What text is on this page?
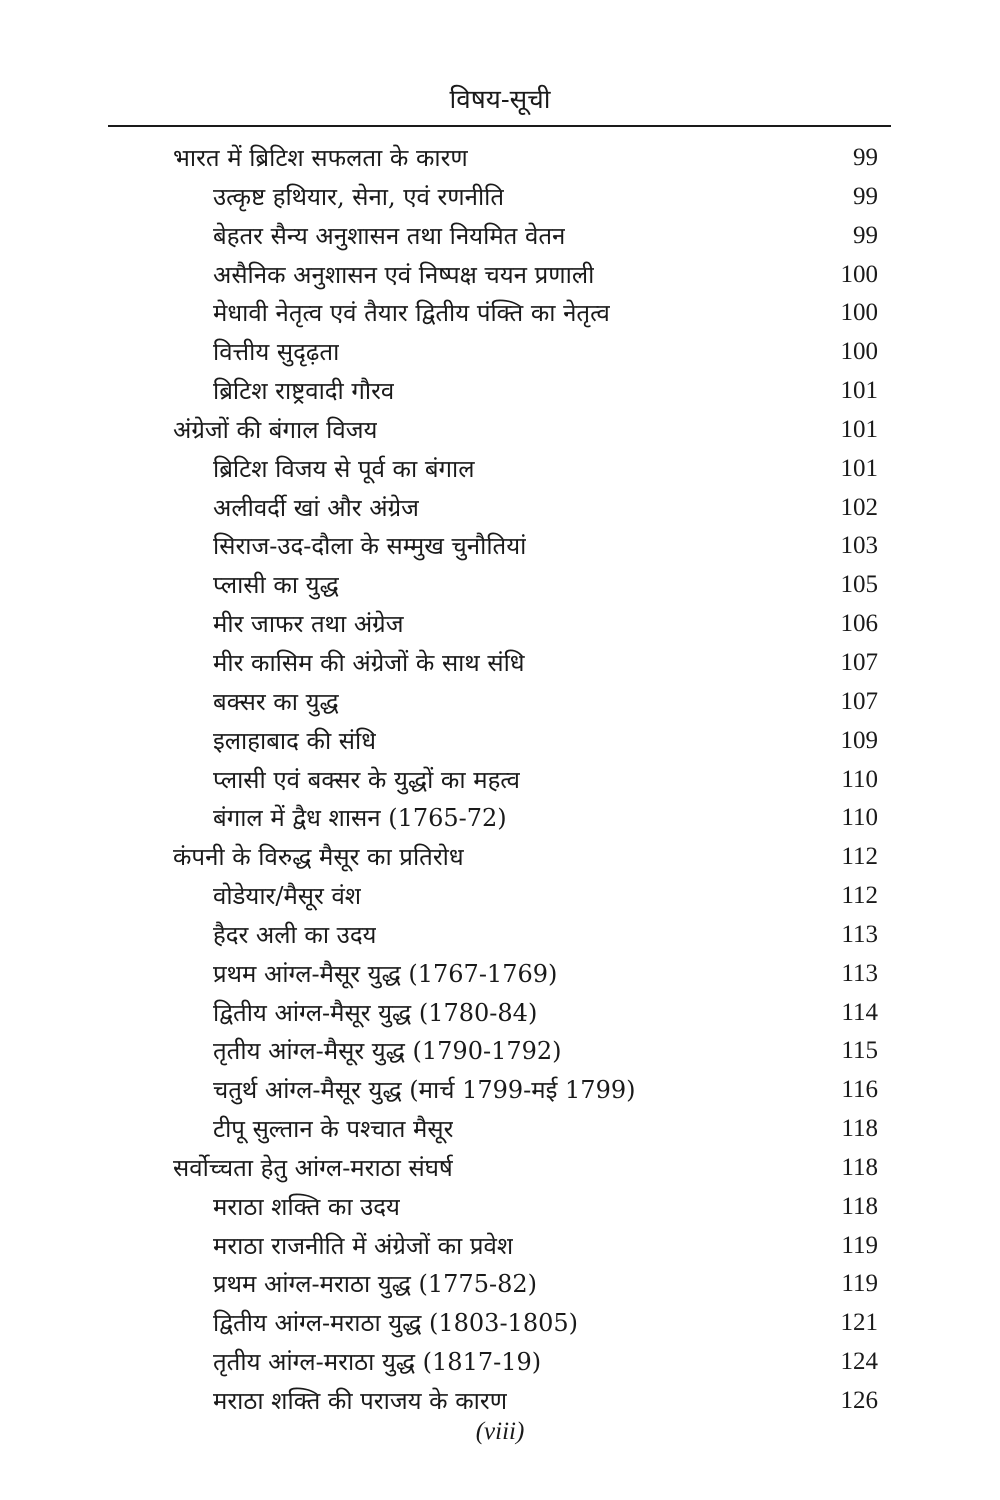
विषय-सूची
भारत में ब्रिटिश सफलता के कारण	99
उत्कृष्ट हथियार, सेना, एवं रणनीति	99
बेहतर सैन्य अनुशासन तथा नियमित वेतन	99
असैनिक अनुशासन एवं निष्पक्ष चयन प्रणाली	100
मेधावी नेतृत्व एवं तैयार द्वितीय पंक्ति का नेतृत्व	100
वित्तीय सुदृढ़ता	100
ब्रिटिश राष्ट्रवादी गौरव	101
अंग्रेजों की बंगाल विजय	101
ब्रिटिश विजय से पूर्व का बंगाल	101
अलीवर्दी खां और अंग्रेज	102
सिराज-उद-दौला के सम्मुख चुनौतियां	103
प्लासी का युद्ध	105
मीर जाफर तथा अंग्रेज	106
मीर कासिम की अंग्रेजों के साथ संधि	107
बक्सर का युद्ध	107
इलाहाबाद की संधि	109
प्लासी एवं बक्सर के युद्धों का महत्व	110
बंगाल में द्वैध शासन (1765-72)	110
कंपनी के विरुद्ध मैसूर का प्रतिरोध	112
वोडेयार/मैसूर वंश	112
हैदर अली का उदय	113
प्रथम आंग्ल-मैसूर युद्ध (1767-1769)	113
द्वितीय आंग्ल-मैसूर युद्ध (1780-84)	114
तृतीय आंग्ल-मैसूर युद्ध (1790-1792)	115
चतुर्थ आंग्ल-मैसूर युद्ध (मार्च 1799-मई 1799)	116
टीपू सुल्तान के पश्चात मैसूर	118
सर्वोच्चता हेतु आंग्ल-मराठा संघर्ष	118
मराठा शक्ति का उदय	118
मराठा राजनीति में अंग्रेजों का प्रवेश	119
प्रथम आंग्ल-मराठा युद्ध (1775-82)	119
द्वितीय आंग्ल-मराठा युद्ध (1803-1805)	121
तृतीय आंग्ल-मराठा युद्ध (1817-19)	124
मराठा शक्ति की पराजय के कारण	126
(viii)
